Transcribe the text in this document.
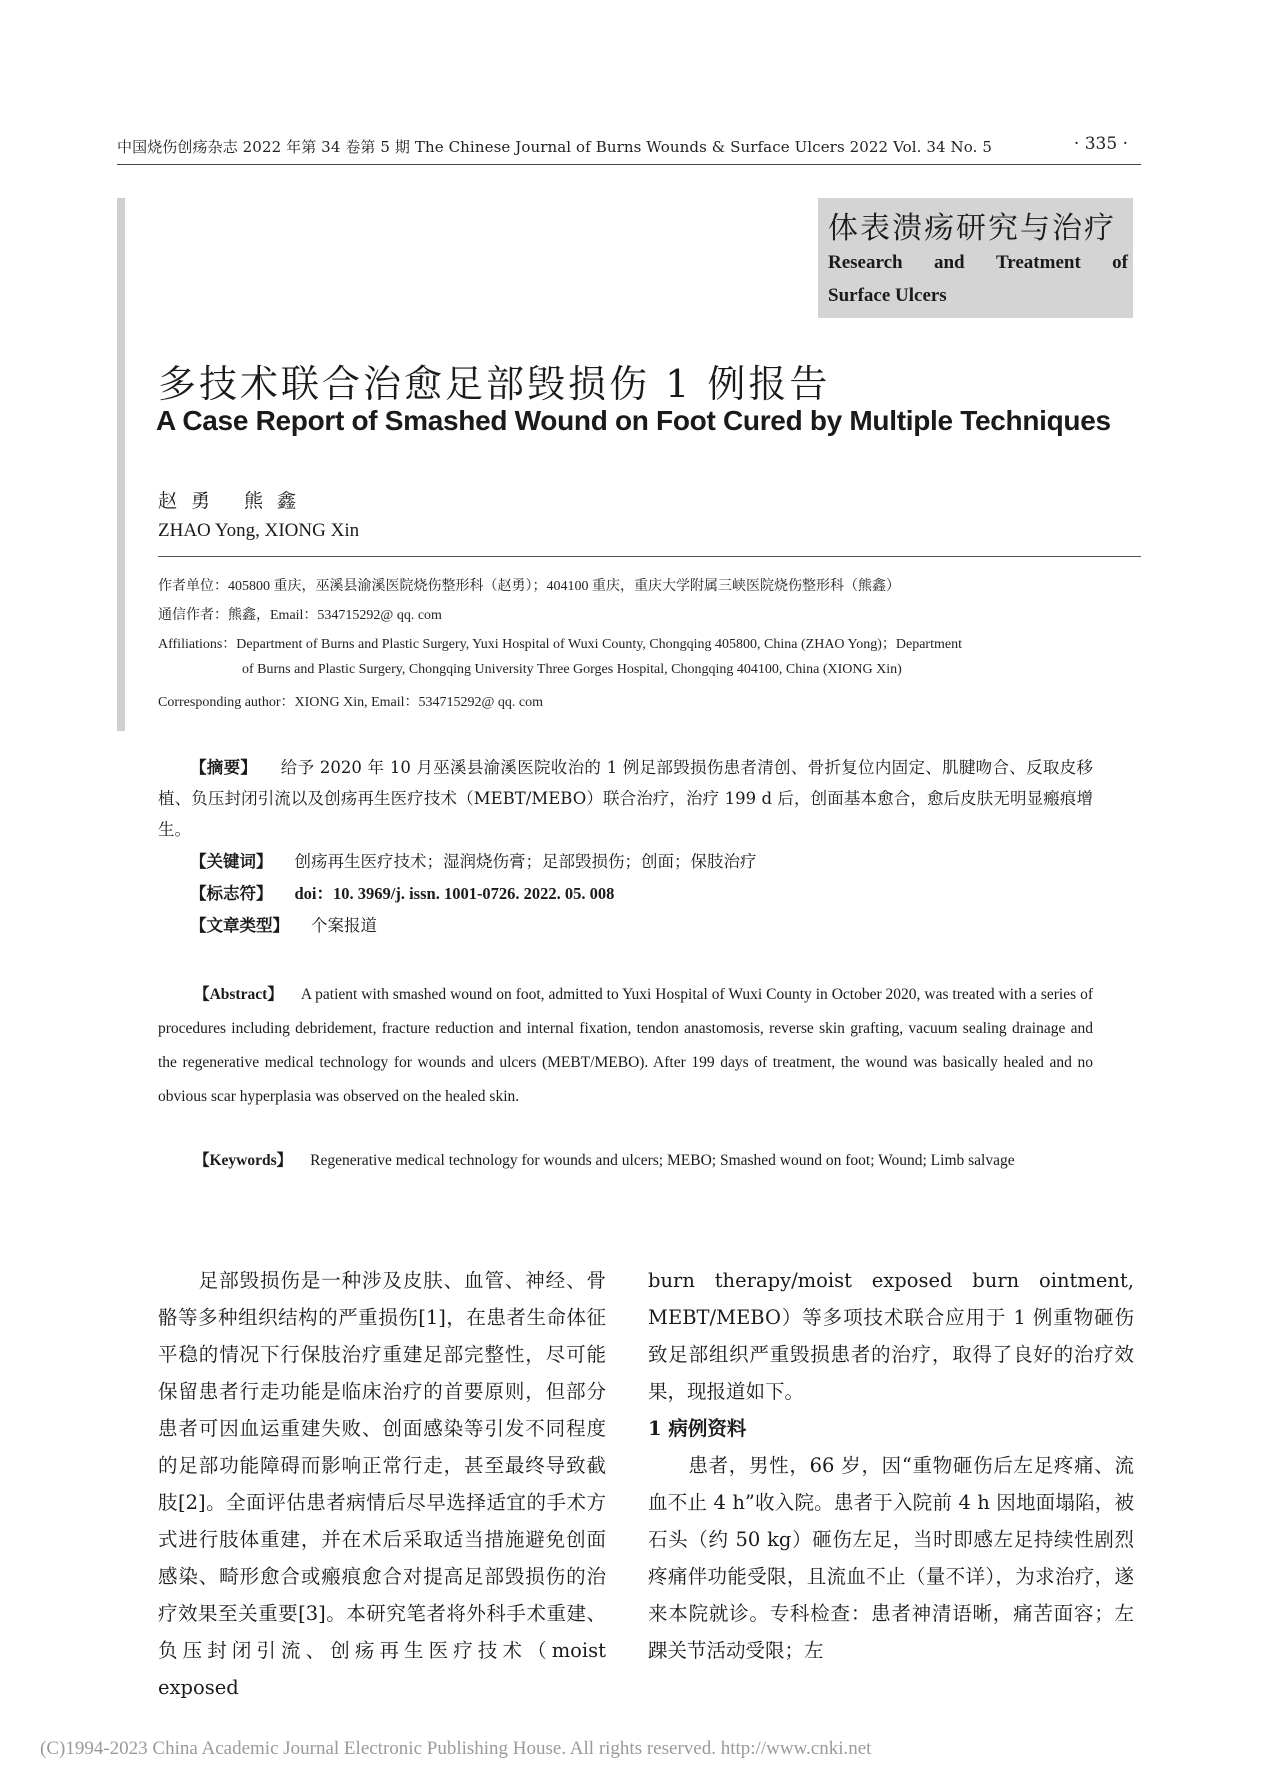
中国烧伤创疡杂志 2022 年第 34 卷第 5 期 The Chinese Journal of Burns Wounds & Surface Ulcers 2022 Vol. 34 No. 5	· 335 ·
体表溃疡研究与治疗
Research and Treatment of
Surface Ulcers
多技术联合治愈足部毁损伤 1 例报告
A Case Report of Smashed Wound on Foot Cured by Multiple Techniques
赵勇 熊鑫
ZHAO Yong, XIONG Xin
作者单位：405800 重庆，巫溪县渝溪医院烧伤整形科（赵勇）；404100 重庆，重庆大学附属三峡医院烧伤整形科（熊鑫）
通信作者：熊鑫，Email：534715292@ qq. com
Affiliations：Department of Burns and Plastic Surgery, Yuxi Hospital of Wuxi County, Chongqing 405800, China (ZHAO Yong)；Department
of Burns and Plastic Surgery, Chongqing University Three Gorges Hospital, Chongqing 404100, China (XIONG Xin)
Corresponding author：XIONG Xin, Email：534715292@ qq. com
【摘要】 给予 2020 年 10 月巫溪县渝溪医院收治的 1 例足部毁损伤患者清创、骨折复位内固定、肌腱吻合、反取皮移植、负压封闭引流以及创疡再生医疗技术（MEBT/MEBO）联合治疗，治疗 199 d 后，创面基本愈合，愈后皮肤无明显瘢痕增生。
【关键词】 创疡再生医疗技术；湿润烧伤膏；足部毁损伤；创面；保肢治疗
【标志符】 doi：10. 3969/j. issn. 1001-0726. 2022. 05. 008
【文章类型】 个案报道
【Abstract】 A patient with smashed wound on foot, admitted to Yuxi Hospital of Wuxi County in October 2020, was treated with a series of procedures including debridement, fracture reduction and internal fixation, tendon anastomosis, reverse skin grafting, vacuum sealing drainage and the regenerative medical technology for wounds and ulcers (MEBT/MEBO). After 199 days of treatment, the wound was basically healed and no obvious scar hyperplasia was observed on the healed skin.
【Keywords】 Regenerative medical technology for wounds and ulcers; MEBO; Smashed wound on foot; Wound; Limb salvage

　　足部毁损伤是一种涉及皮肤、血管、神经、骨骼等多种组织结构的严重损伤[1]，在患者生命体征平稳的情况下行保肢治疗重建足部完整性，尽可能保留患者行走功能是临床治疗的首要原则，但部分患者可因血运重建失败、创面感染等引发不同程度的足部功能障碍而影响正常行走，甚至最终导致截肢[2]。全面评估患者病情后尽早选择适宜的手术方式进行肢体重建，并在术后采取适当措施避免创面感染、畸形愈合或瘢痕愈合对提高足部毁损伤的治疗效果至关重要[3]。本研究笔者将外科手术重建、负压封闭引流、创疡再生医疗技术（moist exposed

burn therapy/moist exposed burn ointment, MEBT/MEBO）等多项技术联合应用于 1 例重物砸伤致足部组织严重毁损患者的治疗，取得了良好的治疗效果，现报道如下。

1 病例资料

　　患者，男性，66 岁，因“重物砸伤后左足疼痛、流血不止 4 h”收入院。患者于入院前 4 h 因地面塌陷，被石头（约 50 kg）砸伤左足，当时即感左足持续性剧烈疼痛伴功能受限，且流血不止（量不详），为求治疗，遂来本院就诊。专科检查：患者神清语晰，痛苦面容；左踝关节活动受限；左

(C)1994-2023 China Academic Journal Electronic Publishing House. All rights reserved. http://www.cnki.net
